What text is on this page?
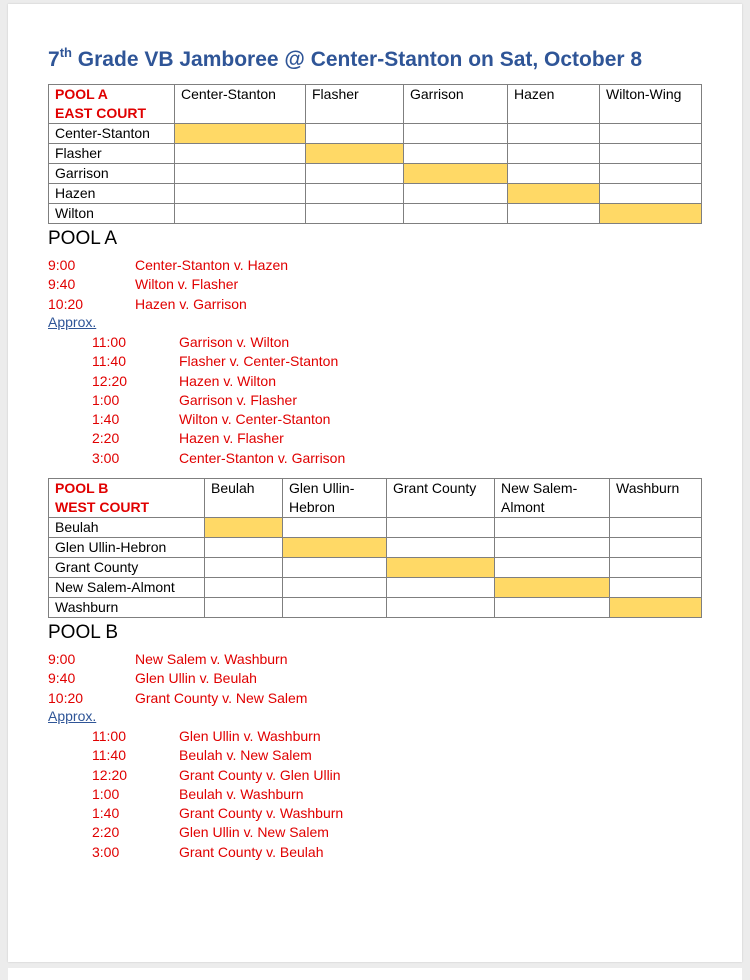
7th Grade VB Jamboree @ Center-Stanton on Sat, October 8
POOL A
EAST COURT	Center-Stanton	Flasher	Garrison	Hazen	Wilton-Wing
Center-Stanton					
Flasher					
Garrison					
Hazen					
Wilton					
POOL A
9:00	Center-Stanton v. Hazen
9:40	Wilton v. Flasher
10:20	Hazen v. Garrison
Approx.
11:00	Garrison v. Wilton
11:40	Flasher v. Center-Stanton
12:20	Hazen v. Wilton
1:00	Garrison v. Flasher
1:40	Wilton v. Center-Stanton
2:20	Hazen v. Flasher
3:00	Center-Stanton v. Garrison
POOL B
WEST COURT	Beulah	Glen Ullin-
Hebron	Grant County	New Salem-
Almont	Washburn
Beulah					
Glen Ullin-Hebron					
Grant County					
New Salem-Almont					
Washburn					
POOL B
9:00	New Salem v. Washburn
9:40	Glen Ullin v. Beulah
10:20	Grant County v. New Salem
Approx.
11:00	Glen Ullin v. Washburn
11:40	Beulah v. New Salem
12:20	Grant County v. Glen Ullin
1:00	Beulah v. Washburn
1:40	Grant County v. Washburn
2:20	Glen Ullin v. New Salem
3:00	Grant County v. Beulah
